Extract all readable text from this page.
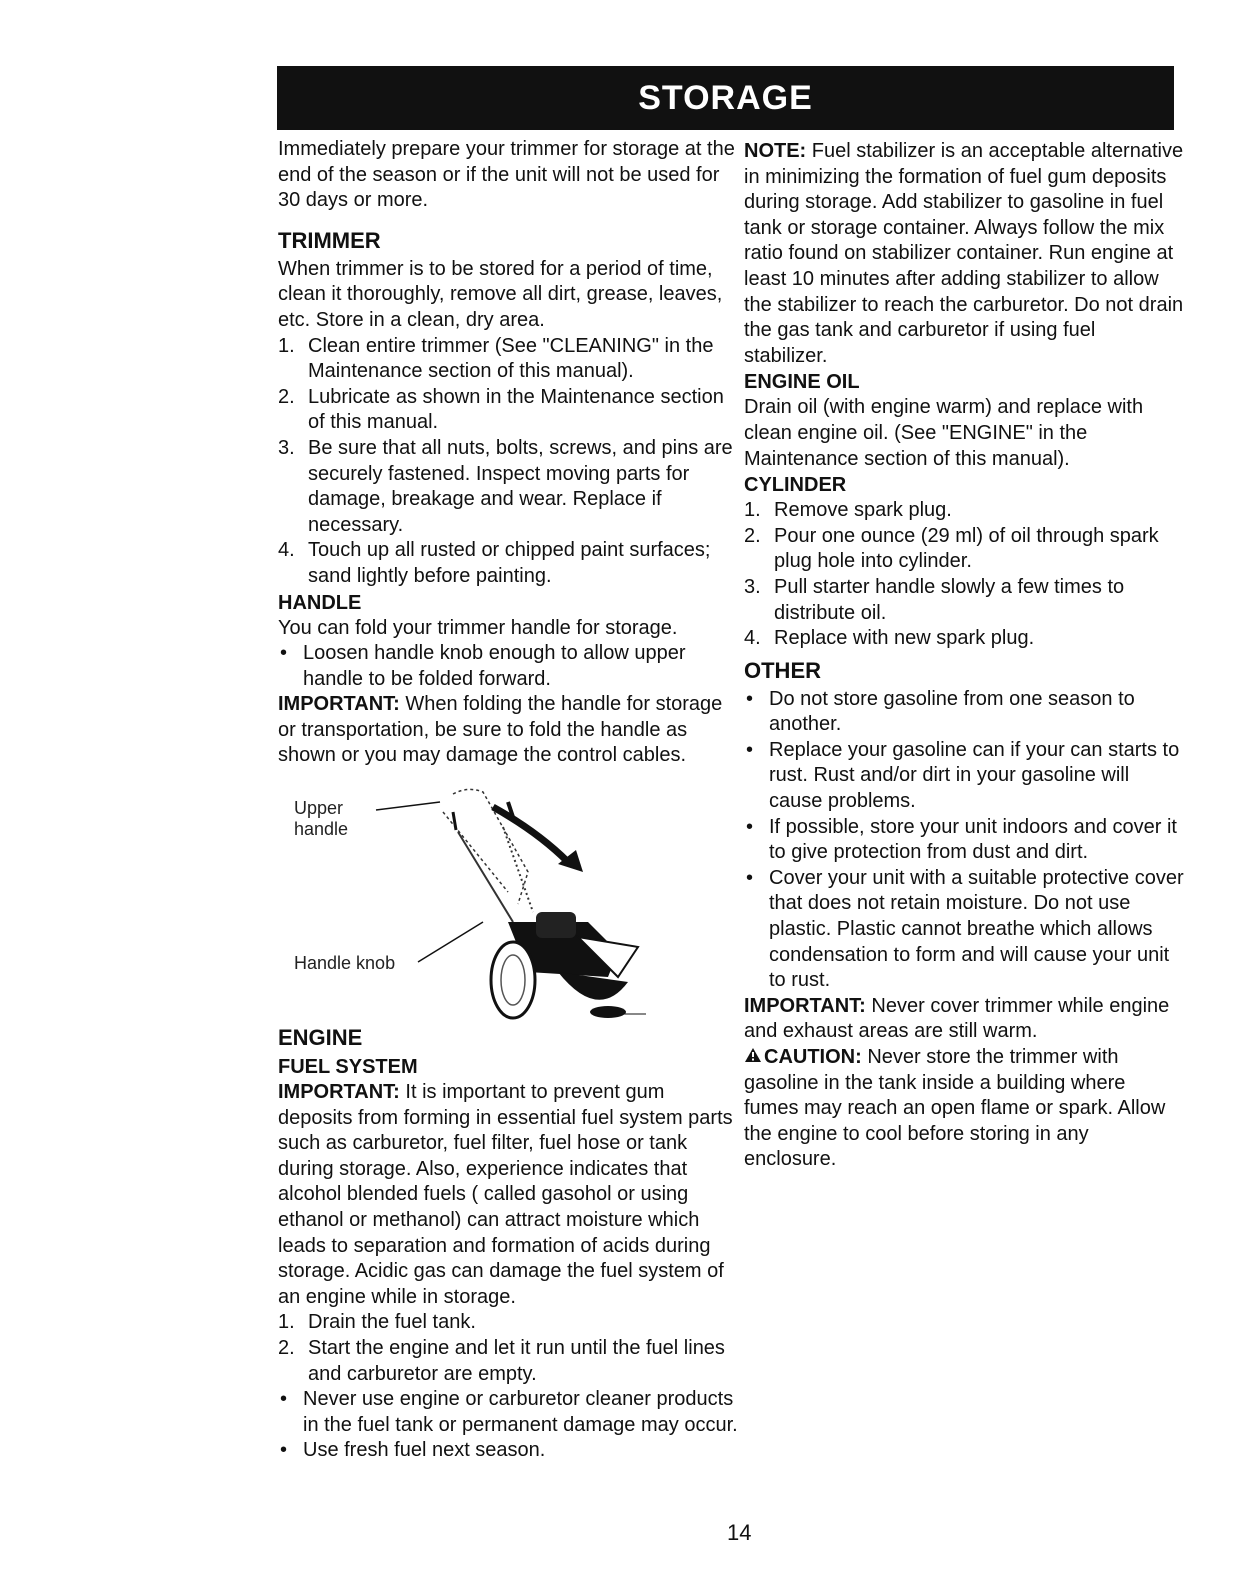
STORAGE

Immediately prepare your trimmer for storage at the end of the season or if the unit will not be used for 30 days or more.

TRIMMER

When trimmer is to be stored for a period of time, clean it thoroughly, remove all dirt, grease, leaves, etc. Store in a clean, dry area.

1. Clean entire trimmer (See "CLEANING" in the Maintenance section of this manual).
2. Lubricate as shown in the Maintenance section of this manual.
3. Be sure that all nuts, bolts, screws, and pins are securely fastened. Inspect moving parts for damage, breakage and wear. Replace if necessary.
4. Touch up all rusted or chipped paint surfaces; sand lightly before painting.
HANDLE

You can fold your trimmer handle for storage.

• Loosen handle knob enough to allow upper handle to be folded forward.

IMPORTANT: When folding the handle for storage or transportation, be sure to fold the handle as shown or you may damage the control cables.

Upper
handle
Handle knob
ENGINE
FUEL SYSTEM

IMPORTANT: It is important to prevent gum deposits from forming in essential fuel system parts such as carburetor, fuel filter, fuel hose or tank during storage. Also, experience indicates that alcohol blended fuels ( called gasohol or using ethanol or methanol) can attract moisture which leads to separation and formation of acids during storage. Acidic gas can damage the fuel system of an engine while in storage.

1. Drain the fuel tank.
2. Start the engine and let it run until the fuel lines and carburetor are empty.
• Never use engine or carburetor cleaner products in the fuel tank or permanent damage may occur.
• Use fresh fuel next season.

NOTE: Fuel stabilizer is an acceptable alternative in minimizing the formation of fuel gum deposits during storage. Add stabilizer to gasoline in fuel tank or storage container. Always follow the mix ratio found on stabilizer container. Run engine at least 10 minutes after adding stabilizer to allow the stabilizer to reach the carburetor. Do not drain the gas tank and carburetor if using fuel stabilizer.

ENGINE OIL

Drain oil (with engine warm) and replace with clean engine oil. (See "ENGINE" in the Maintenance section of this manual).

CYLINDER
1. Remove spark plug.
2. Pour one ounce (29 ml) of oil through spark plug hole into cylinder.
3. Pull starter handle slowly a few times to distribute oil.
4. Replace with new spark plug.
OTHER
• Do not store gasoline from one season to another.
• Replace your gasoline can if your can starts to rust. Rust and/or dirt in your gasoline will cause problems.
• If possible, store your unit indoors and cover it to give protection from dust and dirt.
• Cover your unit with a suitable protective cover that does not retain moisture. Do not use plastic. Plastic cannot breathe which allows condensation to form and will cause your unit to rust.

IMPORTANT: Never cover trimmer while engine and exhaust areas are still warm.

CAUTION: Never store the trimmer with gasoline in the tank inside a building where fumes may reach an open flame or spark. Allow the engine to cool before storing in any enclosure.

14
